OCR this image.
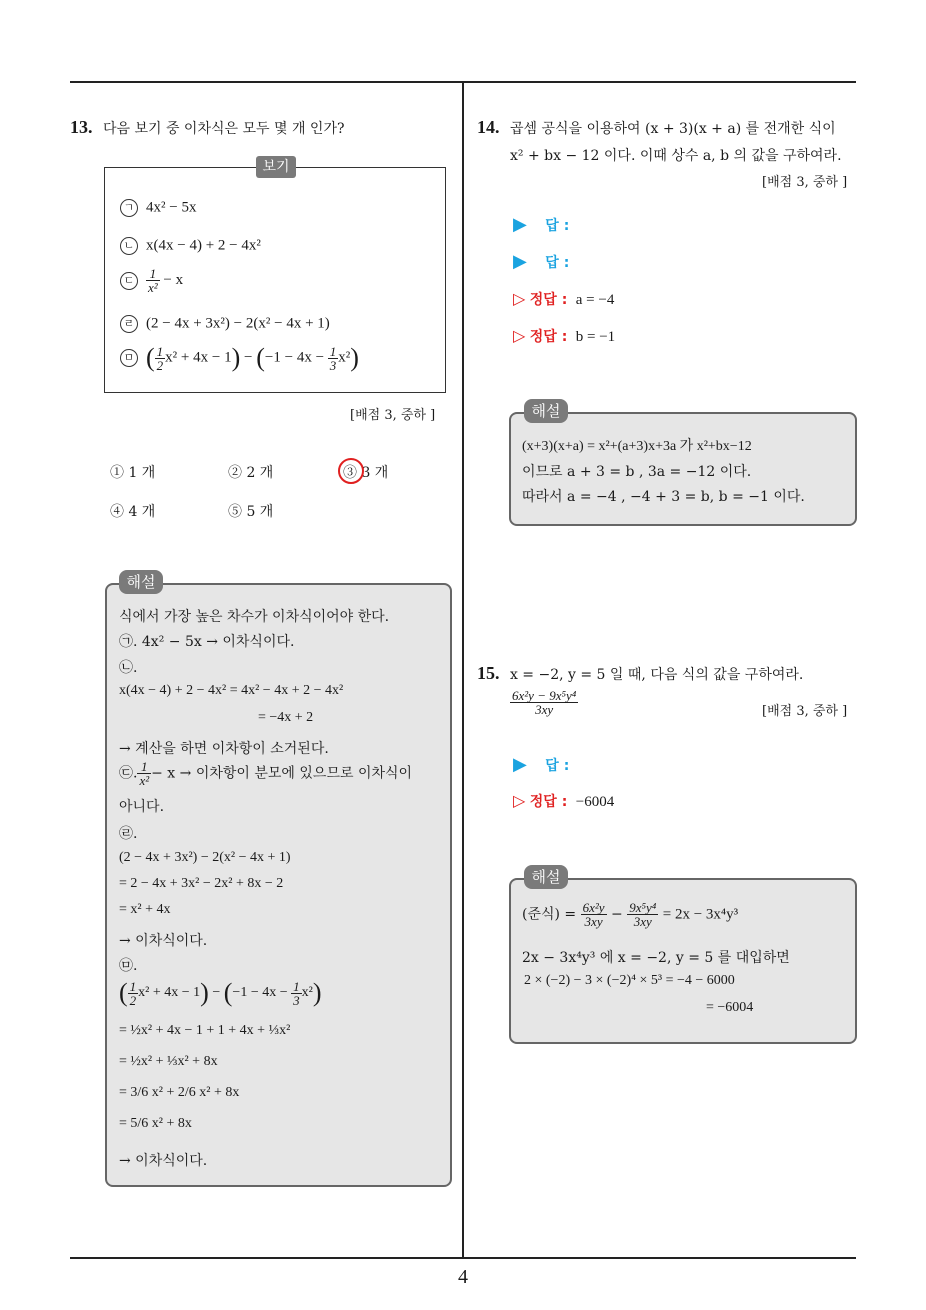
4
13. 다음 보기 중 이차식은 모두 몇 개 인가?
보기
ㄱ 4x² − 5x
ㄴ x(4x − 4) + 2 − 4x²
ㄷ $\frac{1}{\text{x²}} - x$
ㄹ (2 − 4x + 3x²) − 2(x² − 4x + 1)
ㅁ ( $\frac{1}{2} x^2 + 4x - 1) - (-1 - 4x - \frac{1}{3} x^2)$
[배점 3, 중하 ]
① 1 개	② 2 개	③ 3 개
④ 4 개	⑤ 5 개
해설
식에서 가장 높은 차수가 이차식이어야 한다.
㉠. 4x² − 5x → 이차식이다.
㉡.
x(4x − 4) + 2 − 4x² = 4x² − 4x + 2 − 4x²
= −4x + 2
→ 계산을 하면 이차항이 소거된다.
㉢. $\frac{1}{\text{x²}} - x$ → 이차항이 분모에 있으므로 이차식이
아니다.
㉣.
(2 − 4x + 3x²) − 2(x² − 4x + 1)
= 2 − 4x + 3x² − 2x² + 8x − 2
= x² + 4x
→ 이차식이다.
㉤.
( $\frac{1}{2} x^2 + 4x - 1) - (-1 - 4x - \frac{1}{3} x^2)$
= ½x² + 4x − 1 + 1 + 4x + ⅓x²
= ½x² + ⅓x² + 8x
= 3/6 x² + 2/6 x² + 8x
= 5/6 x² + 8x
→ 이차식이다.
14. 곱셈 공식을 이용하여 (x + 3)(x + a) 를 전개한 식이
x² + bx − 12 이다. 이때 상수 a, b 의 값을 구하여라.
[배점 3, 중하 ]
▶ 답 :
▶ 답 :
▷ 정답 : a = −4
▷ 정답 : b = −1
해설
(x+3)(x+a) = x²+(a+3)x+3a 가 x²+bx−12
이므로 a + 3 = b , 3a = −12 이다.
따라서 a = −4 , −4 + 3 = b, b = −1 이다.
15. x = −2, y = 5 일 때, 다음 식의 값을 구하여라.
$\frac{\text{6x²y − 9x⁵y⁴}}{3xy}$	[배점 3, 중하 ]
▶ 답 :
▷ 정답 : −6004
해설
(준식) = $\frac{\text{6x²y}}{3xy} - \frac{\text{9x⁵y⁴}}{3xy} = 2x - 3x^4y^3$
2x − 3x⁴y³ 에 x = −2, y = 5 를 대입하면
2 × (−2) − 3 × (−2)⁴ × 5³ = −4 − 6000
= −6004
